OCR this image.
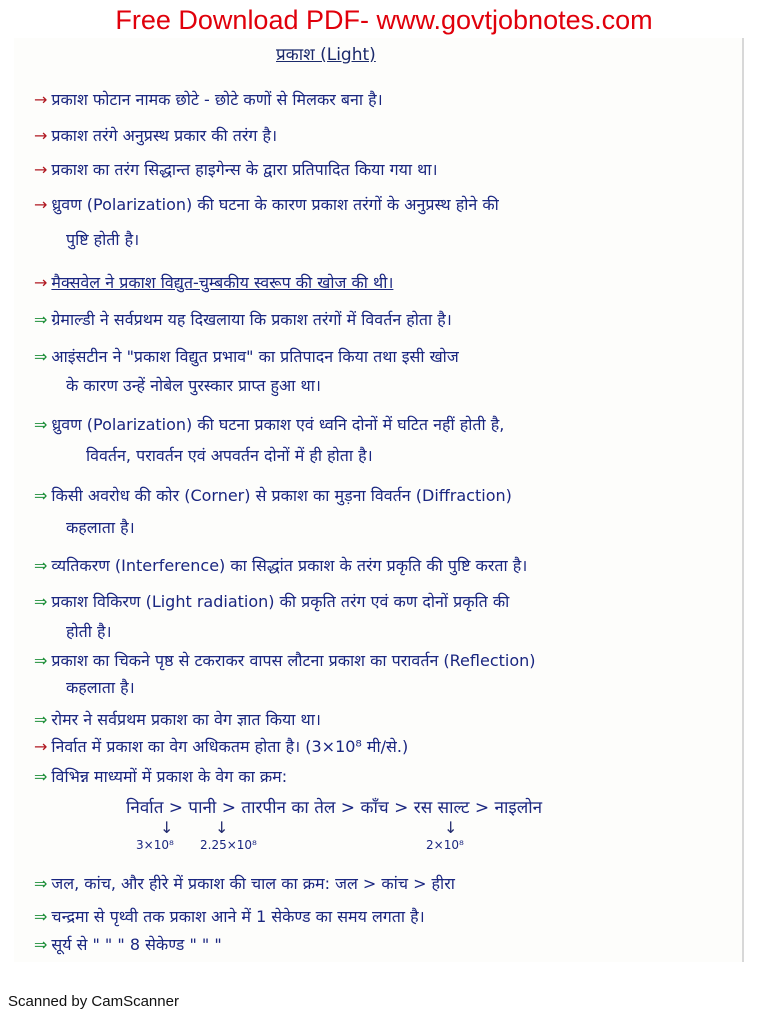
Free Download PDF- www.govtjobnotes.com
प्रकाश (Light)
→ प्रकाश फोटान नामक छोटे - छोटे कणों से मिलकर बना है।
→ प्रकाश तरंगे अनुप्रस्थ प्रकार की तरंग है।
→ प्रकाश का तरंग सिद्धान्त हाइगेन्स के द्वारा प्रतिपादित किया गया था।
→ ध्रुवण (Polarization) की घटना के कारण प्रकाश तरंगों के अनुप्रस्थ होने की
पुष्टि होती है।
→ मैक्सवेल ने प्रकाश विद्युत-चुम्बकीय स्वरूप की खोज की थी।
⇒ ग्रेमाल्डी ने सर्वप्रथम यह दिखलाया कि प्रकाश तरंगों में विवर्तन होता है।
⇒ आइंसटीन ने "प्रकाश विद्युत प्रभाव" का प्रतिपादन किया तथा इसी खोज
के कारण उन्हें नोबेल पुरस्कार प्राप्त हुआ था।
⇒ ध्रुवण (Polarization) की घटना प्रकाश एवं ध्वनि दोनों में घटित नहीं होती है,
विवर्तन, परावर्तन एवं अपवर्तन दोनों में ही होता है।
⇒ किसी अवरोध की कोर (Corner) से प्रकाश का मुड़ना विवर्तन (Diffraction)
कहलाता है।
⇒ व्यतिकरण (Interference) का सिद्धांत प्रकाश के तरंग प्रकृति की पुष्टि करता है।
⇒ प्रकाश विकिरण (Light radiation) की प्रकृति तरंग एवं कण दोनों प्रकृति की
होती है।
⇒ प्रकाश का चिकने पृष्ठ से टकराकर वापस लौटना प्रकाश का परावर्तन (Reflection)
कहलाता है।
⇒ रोमर ने सर्वप्रथम प्रकाश का वेग ज्ञात किया था।
→ निर्वात में प्रकाश का वेग अधिकतम होता है। (3×10⁸ मी/से.)
⇒ विभिन्न माध्यमों में प्रकाश के वेग का क्रम:
निर्वात > पानी > तारपीन का तेल > काँच > रस साल्ट > नाइलोन
↓	↓	↓
3×10⁸ 2.25×10⁸	2×10⁸
⇒ जल, कांच, और हीरे में प्रकाश की चाल का क्रम: जल > कांच > हीरा
⇒ चन्द्रमा से पृथ्वी तक प्रकाश आने में 1 सेकेण्ड का समय लगता है।
⇒ सूर्य से " " " 8 सेकेण्ड " " "
Scanned by CamScanner
